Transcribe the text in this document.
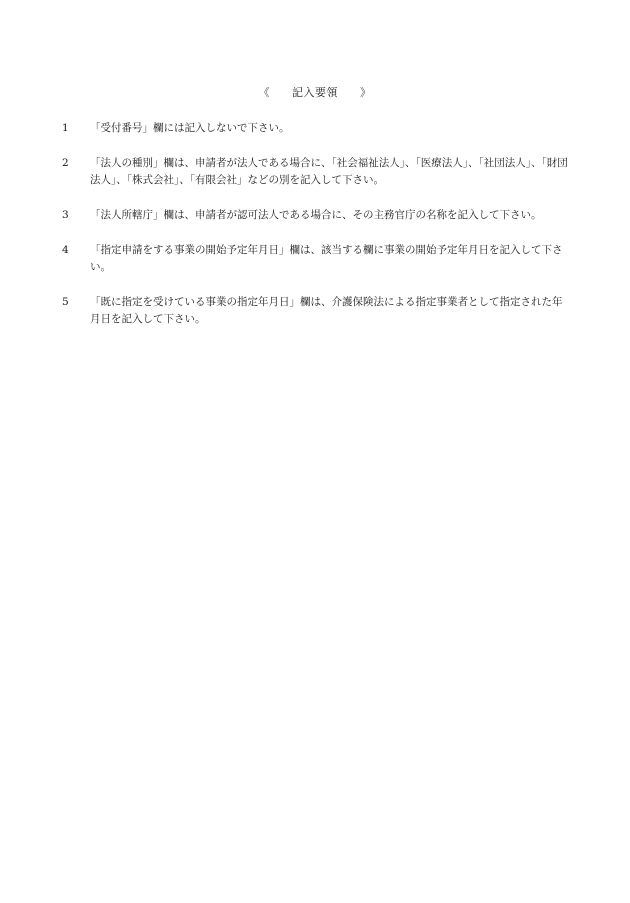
《 記入要領 》
1	「受付番号」欄には記入しないで下さい。
2	「法人の種別」欄は、申請者が法人である場合に、「社会福祉法人」、「医療法人」、「社団法人」、「財団法人」、「株式会社」、「有限会社」などの別を記入して下さい。
3	「法人所轄庁」欄は、申請者が認可法人である場合に、その主務官庁の名称を記入して下さい。
4	「指定申請をする事業の開始予定年月日」欄は、該当する欄に事業の開始予定年月日を記入して下さい。
5	「既に指定を受けている事業の指定年月日」欄は、介護保険法による指定事業者として指定された年月日を記入して下さい。
